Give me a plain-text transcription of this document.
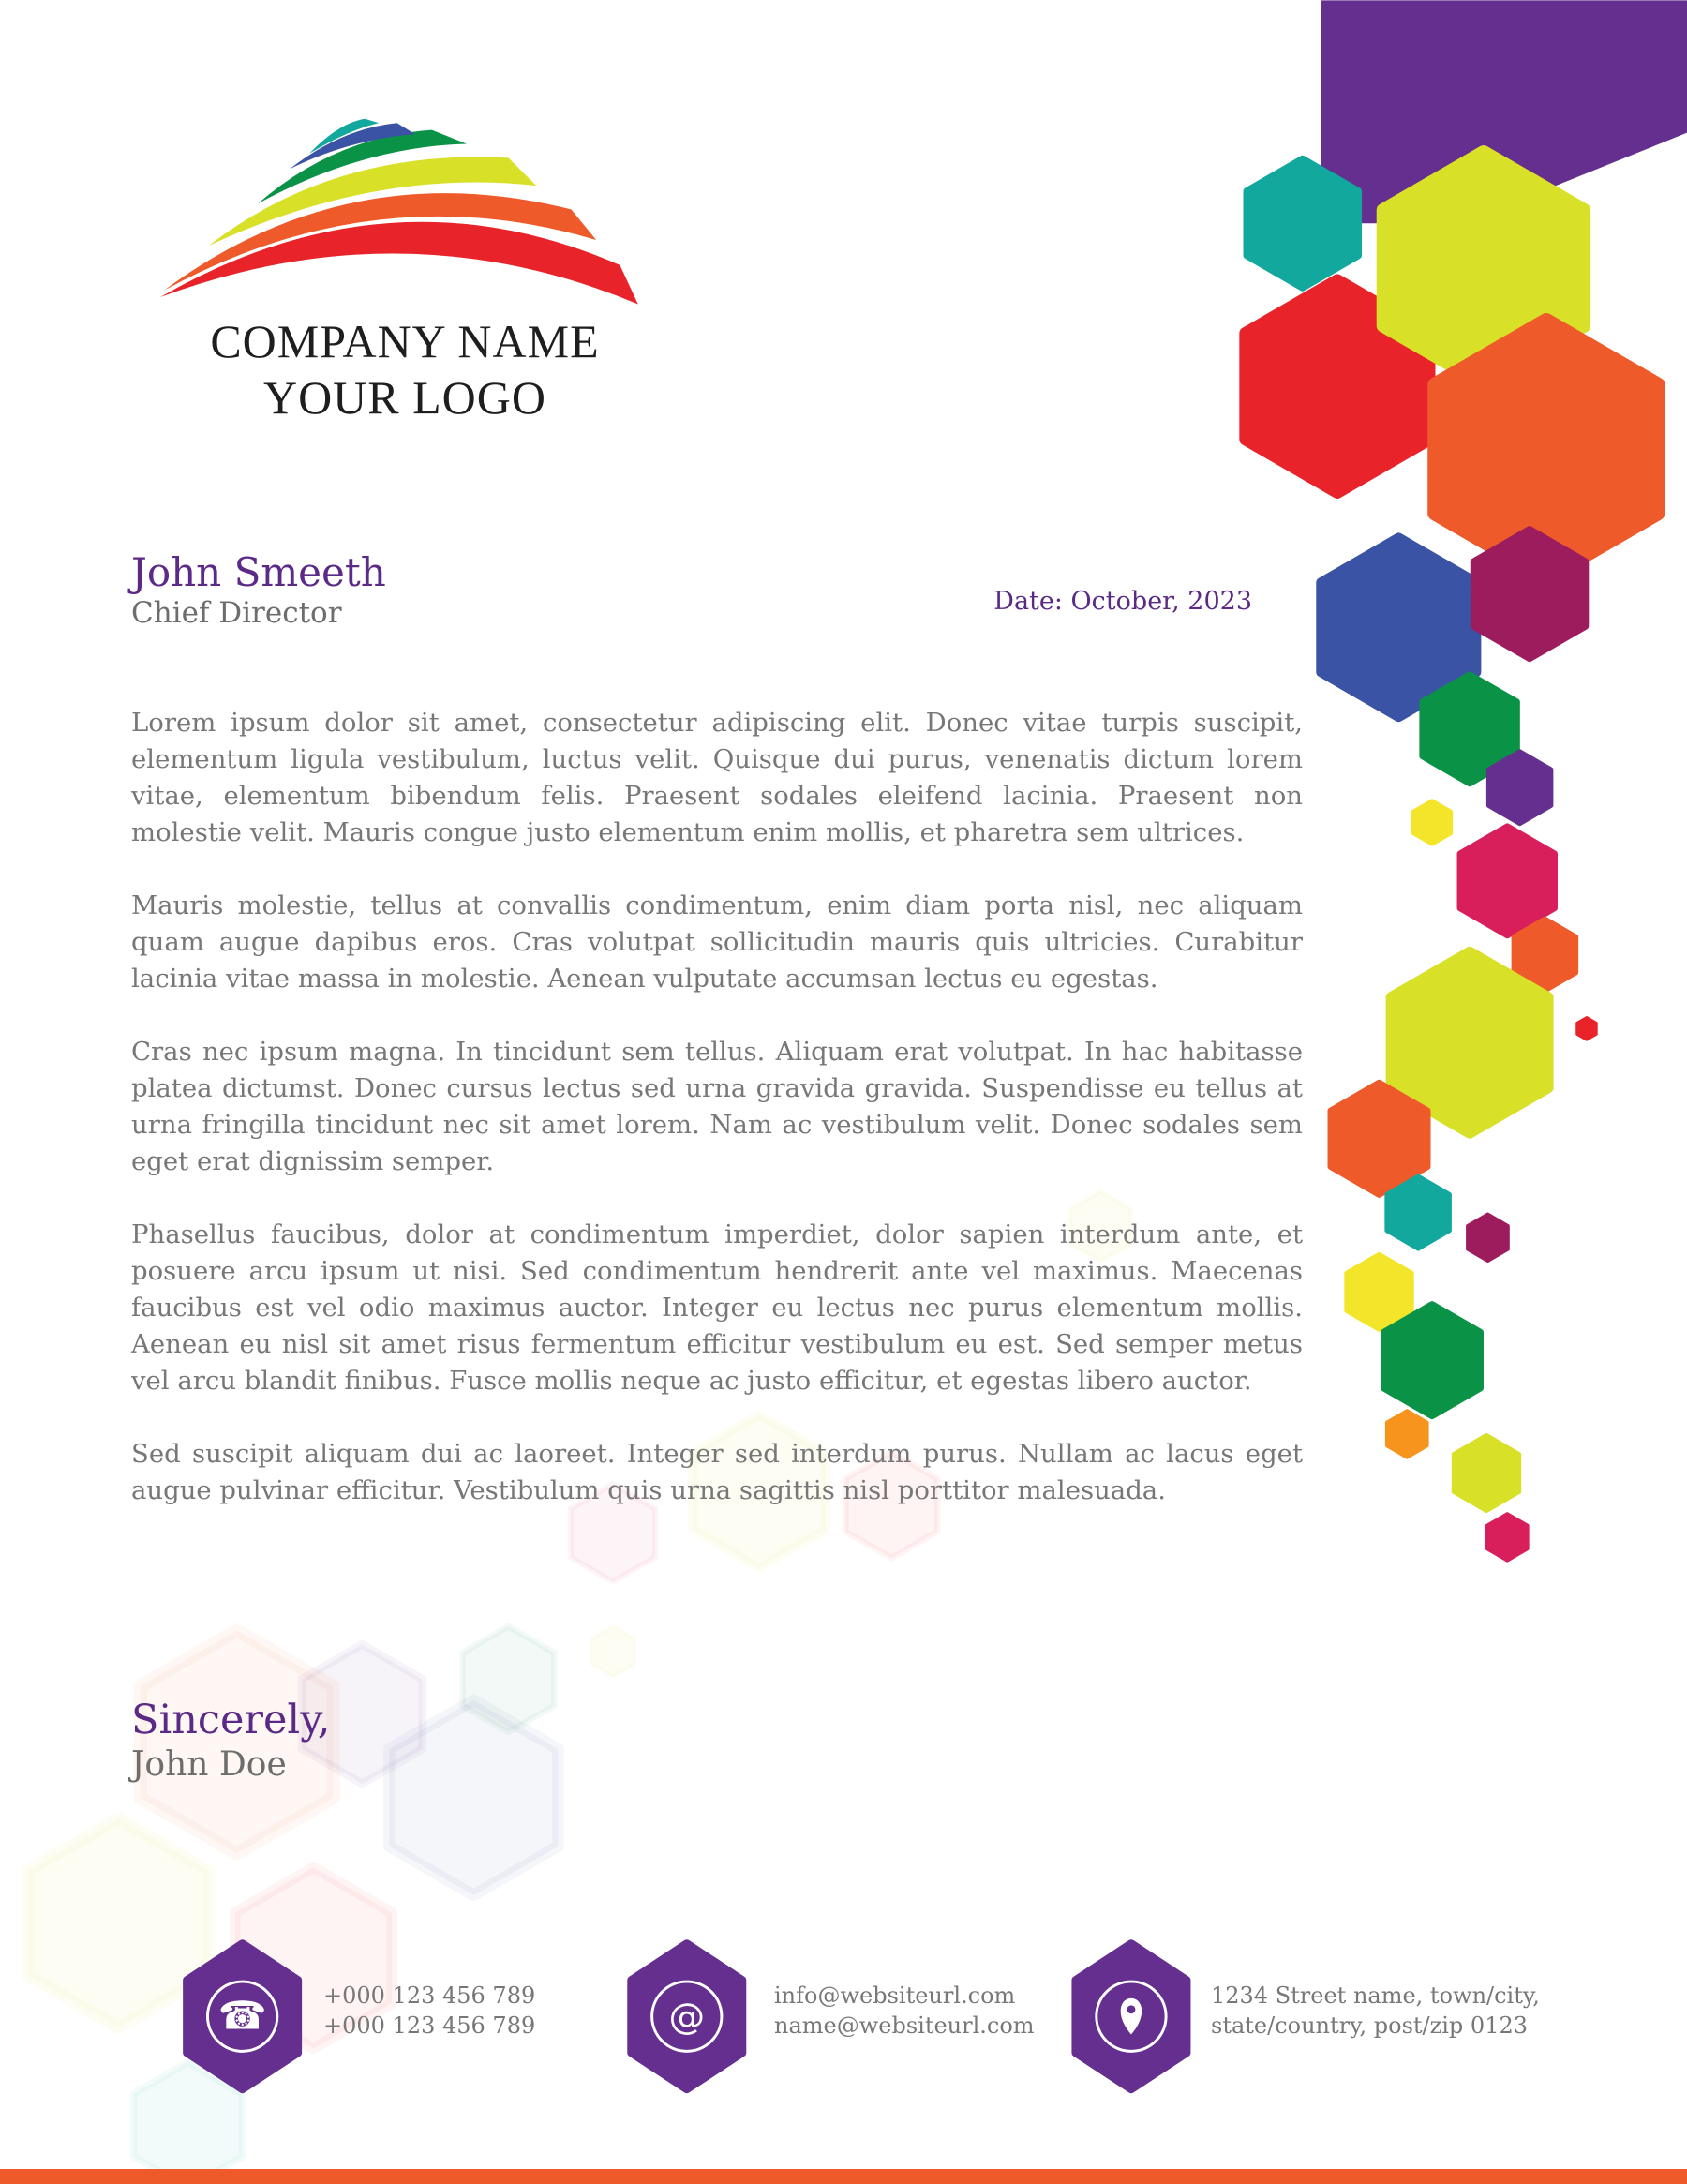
☎	@
COMPANY NAME
YOUR LOGO
John Smeeth
Chief Director	Date: October, 2023

Lorem ipsum dolor sit amet, consectetur adipiscing elit. Donec vitae turpis suscipit, elementum ligula vestibulum, luctus velit. Quisque dui purus, venenatis dictum lorem vitae, elementum bibendum felis. Praesent sodales eleifend lacinia. Praesent non molestie velit. Mauris congue justo elementum enim mollis, et pharetra sem ultrices.

Mauris molestie, tellus at convallis condimentum, enim diam porta nisl, nec aliquam quam augue dapibus eros. Cras volutpat sollicitudin mauris quis ultricies. Curabitur lacinia vitae massa in molestie. Aenean vulputate accumsan lectus eu egestas.

Cras nec ipsum magna. In tincidunt sem tellus. Aliquam erat volutpat. In hac habitasse platea dictumst. Donec cursus lectus sed urna gravida gravida. Suspendisse eu tellus at urna fringilla tincidunt nec sit amet lorem. Nam ac vestibulum velit. Donec sodales sem eget erat dignissim semper.

Phasellus faucibus, dolor at condimentum imperdiet, dolor sapien interdum ante, et posuere arcu ipsum ut nisi. Sed condimentum hendrerit ante vel maximus. Maecenas faucibus est vel odio maximus auctor. Integer eu lectus nec purus elementum mollis. Aenean eu nisl sit amet risus fermentum efficitur vestibulum eu est. Sed semper metus vel arcu blandit finibus. Fusce mollis neque ac justo efficitur, et egestas libero auctor.

Sed suscipit aliquam dui ac laoreet. Integer sed interdum purus. Nullam ac lacus eget augue pulvinar efficitur. Vestibulum quis urna sagittis nisl porttitor malesuada.

Sincerely,
John Doe
+000 123 456 789
+000 123 456 789
info@websiteurl.com
name@websiteurl.com
1234 Street name, town/city,
state/country, post/zip 0123
